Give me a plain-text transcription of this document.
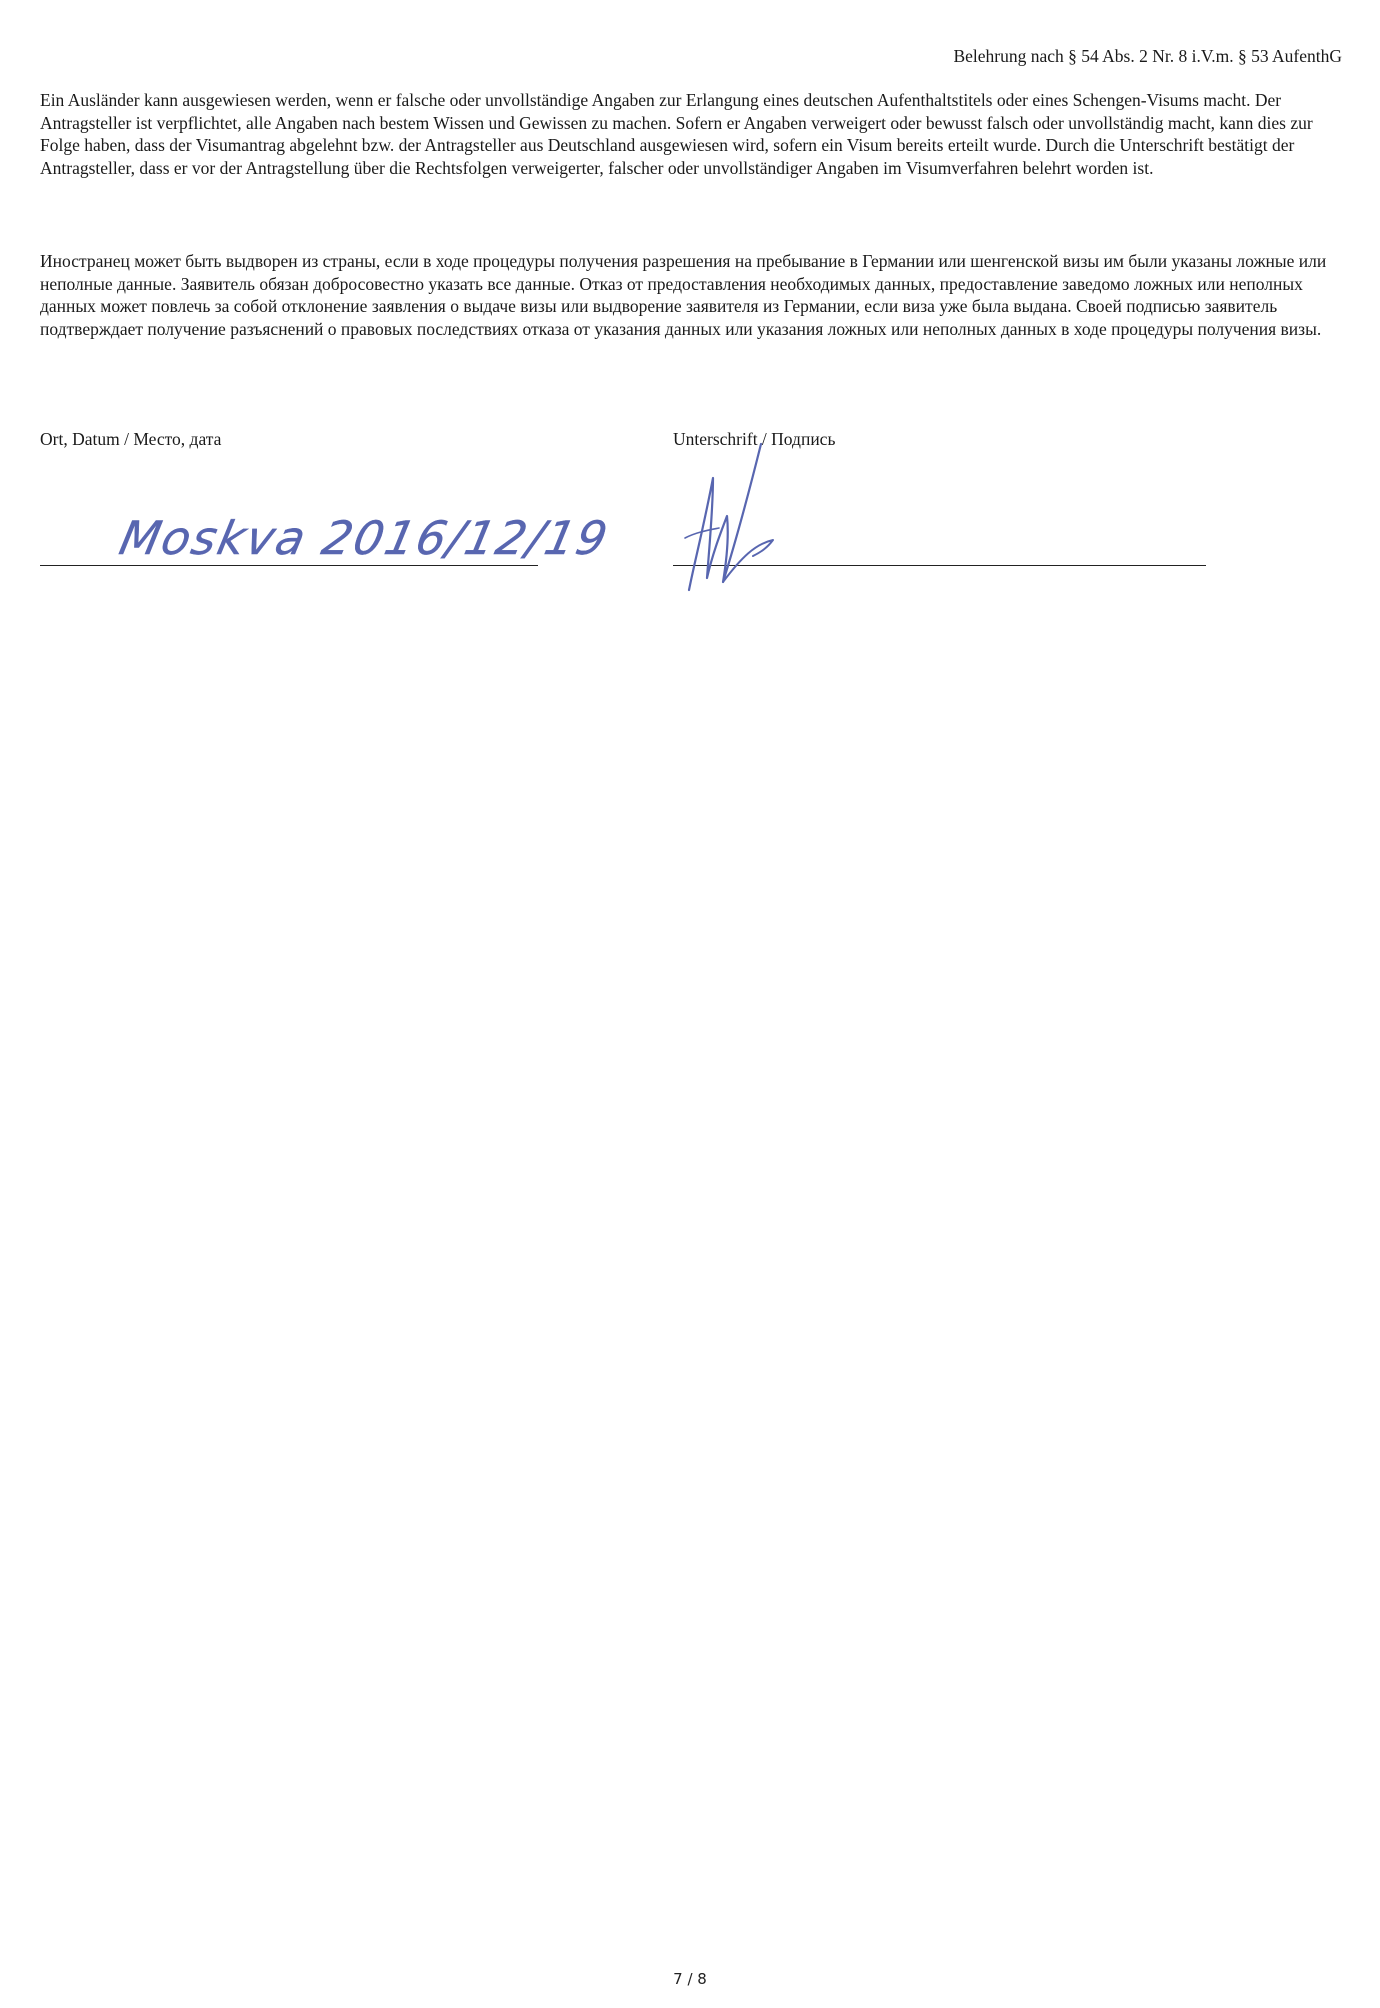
Belehrung nach § 54 Abs. 2 Nr. 8 i.V.m. § 53 AufenthG

Ein Ausländer kann ausgewiesen werden, wenn er falsche oder unvollständige Angaben zur Erlangung eines deutschen Aufenthaltstitels oder eines Schengen-Visums macht. Der Antragsteller ist verpflichtet, alle Angaben nach bestem Wissen und Gewissen zu machen. Sofern er Angaben verweigert oder bewusst falsch oder unvollständig macht, kann dies zur Folge haben, dass der Visumantrag abgelehnt bzw. der Antragsteller aus Deutschland ausgewiesen wird, sofern ein Visum bereits erteilt wurde. Durch die Unterschrift bestätigt der Antragsteller, dass er vor der Antragstellung über die Rechtsfolgen verweigerter, falscher oder unvollständiger Angaben im Visumverfahren belehrt worden ist.

Иностранец может быть выдворен из страны, если в ходе процедуры получения разрешения на пребывание в Германии или шенгенской визы им были указаны ложные или неполные данные. Заявитель обязан добросовестно указать все данные. Отказ от предоставления необходимых данных, предоставление заведомо ложных или неполных данных может повлечь за собой отклонение заявления о выдаче визы или выдворение заявителя из Германии, если виза уже была выдана. Своей подписью заявитель подтверждает получение разъяснений о правовых последствиях отказа от указания данных или указания ложных или неполных данных в ходе процедуры получения визы.

Ort, Datum / Место, дата	Unterschrift / Подпись
Moskva 2016/12/19
7 / 8
